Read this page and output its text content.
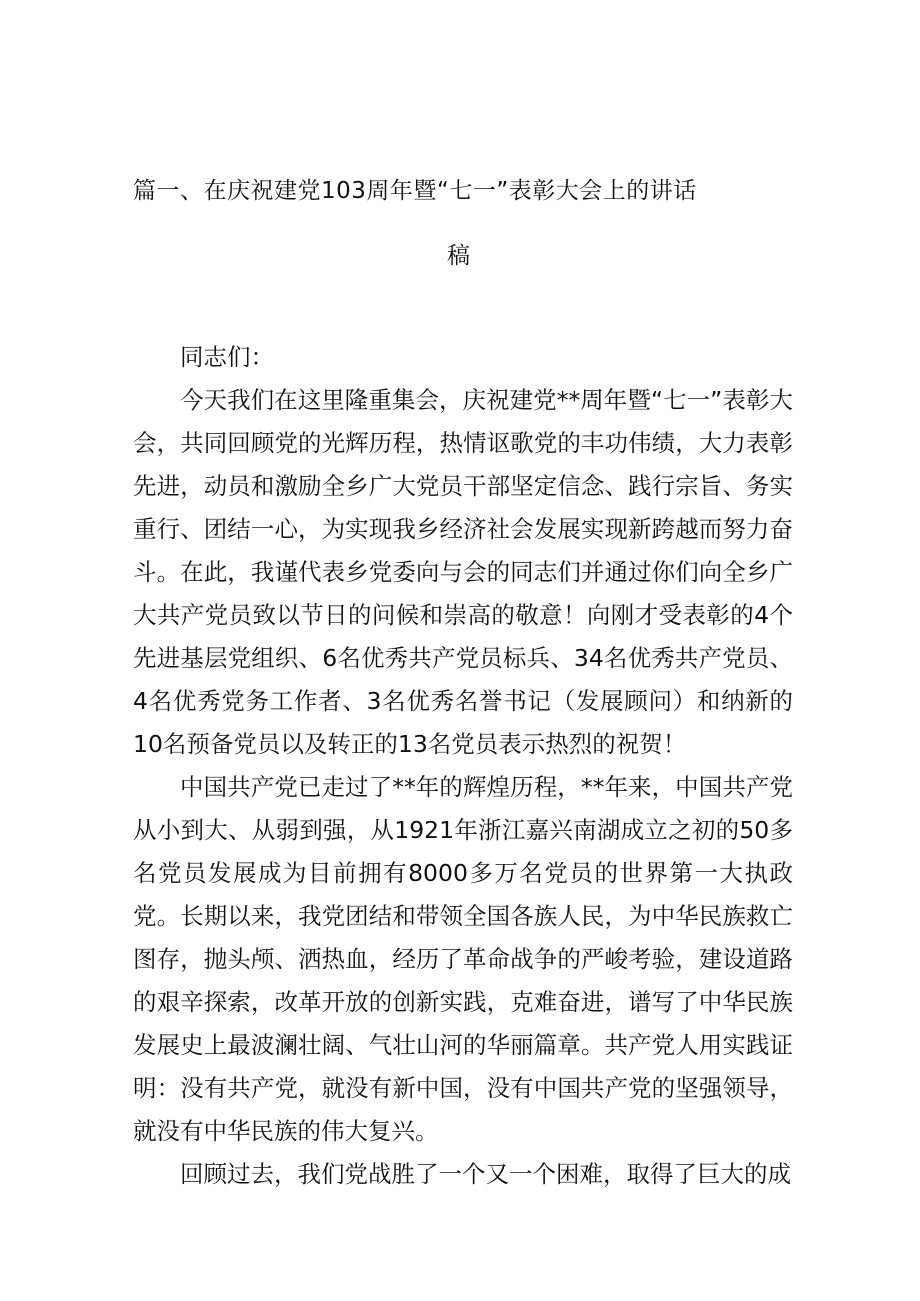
篇一、在庆祝建党103周年暨“七一”表彰大会上的讲话
稿

同志们：

今天我们在这里隆重集会，庆祝建党**周年暨“七一”表彰大会，共同回顾党的光辉历程，热情讴歌党的丰功伟绩，大力表彰先进，动员和激励全乡广大党员干部坚定信念、践行宗旨、务实重行、团结一心，为实现我乡经济社会发展实现新跨越而努力奋斗。在此，我谨代表乡党委向与会的同志们并通过你们向全乡广大共产党员致以节日的问候和崇高的敬意！向刚才受表彰的4个先进基层党组织、6名优秀共产党员标兵、34名优秀共产党员、4名优秀党务工作者、3名优秀名誉书记（发展顾问）和纳新的10名预备党员以及转正的13名党员表示热烈的祝贺！

中国共产党已走过了**年的辉煌历程，**年来，中国共产党从小到大、从弱到强，从1921年浙江嘉兴南湖成立之初的50多名党员发展成为目前拥有8000多万名党员的世界第一大执政党。长期以来，我党团结和带领全国各族人民，为中华民族救亡图存，抛头颅、洒热血，经历了革命战争的严峻考验，建设道路的艰辛探索，改革开放的创新实践，克难奋进，谱写了中华民族发展史上最波澜壮阔、气壮山河的华丽篇章。共产党人用实践证明：没有共产党，就没有新中国，没有中国共产党的坚强领导，就没有中华民族的伟大复兴。

回顾过去，我们党战胜了一个又一个困难，取得了巨大的成
